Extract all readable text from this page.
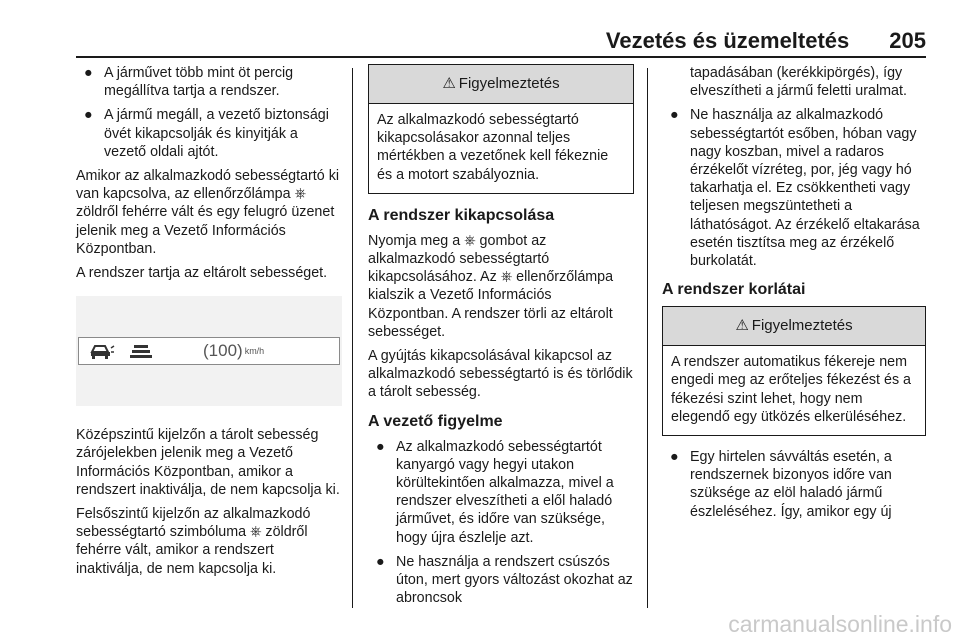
Vezetés és üzemeltetés 205
● A járművet több mint öt percig megállítva tartja a rendszer.
● A jármű megáll, a vezető biztonsági övét kikapcsolják és kinyitják a vezető oldali ajtót.

Amikor az alkalmazkodó sebességtartó ki van kapcsolva, az ellenőrzőlámpa ⎈ zöldről fehérre vált és egy felugró üzenet jelenik meg a Vezető Információs Központban.

A rendszer tartja az eltárolt sebességet.

(100) km/h

Középszintű kijelzőn a tárolt sebesség zárójelekben jelenik meg a Vezető Információs Központban, amikor a rendszert inaktiválja, de nem kapcsolja ki.

Felsőszintű kijelzőn az alkalmazkodó sebességtartó szimbóluma ⎈ zöldről fehérre vált, amikor a rendszert inaktiválja, de nem kapcsolja ki.

⚠ Figyelmeztetés
Az alkalmazkodó sebességtartó kikapcsolásakor azonnal teljes mértékben a vezetőnek kell fékeznie és a motort szabályoznia.
A rendszer kikapcsolása

Nyomja meg a ⎈ gombot az alkalmazkodó sebességtartó kikapcsolásához. Az ⎈ ellenőrzőlámpa kialszik a Vezető Információs Központban. A rendszer törli az eltárolt sebességet.

A gyújtás kikapcsolásával kikapcsol az alkalmazkodó sebességtartó is és törlődik a tárolt sebesség.

A vezető figyelme
● Az alkalmazkodó sebességtartót kanyargó vagy hegyi utakon körültekintően alkalmazza, mivel a rendszer elveszítheti a elől haladó járművet, és időre van szüksége, hogy újra észlelje azt.
● Ne használja a rendszert csúszós úton, mert gyors változást okozhat az abroncsok

tapadásában (kerékkipörgés), így elveszítheti a jármű feletti uralmat.

● Ne használja az alkalmazkodó sebességtartót esőben, hóban vagy nagy koszban, mivel a radaros érzékelőt vízréteg, por, jég vagy hó takarhatja el. Ez csökkentheti vagy teljesen megszüntetheti a láthatóságot. Az érzékelő eltakarása esetén tisztítsa meg az érzékelő burkolatát.
A rendszer korlátai
⚠ Figyelmeztetés
A rendszer automatikus fékereje nem engedi meg az erőteljes fékezést és a fékezési szint lehet, hogy nem elegendő egy ütközés elkerüléséhez.
● Egy hirtelen sávváltás esetén, a rendszernek bizonyos időre van szüksége az elöl haladó jármű észleléséhez. Így, amikor egy új
carmanualsonline.info
